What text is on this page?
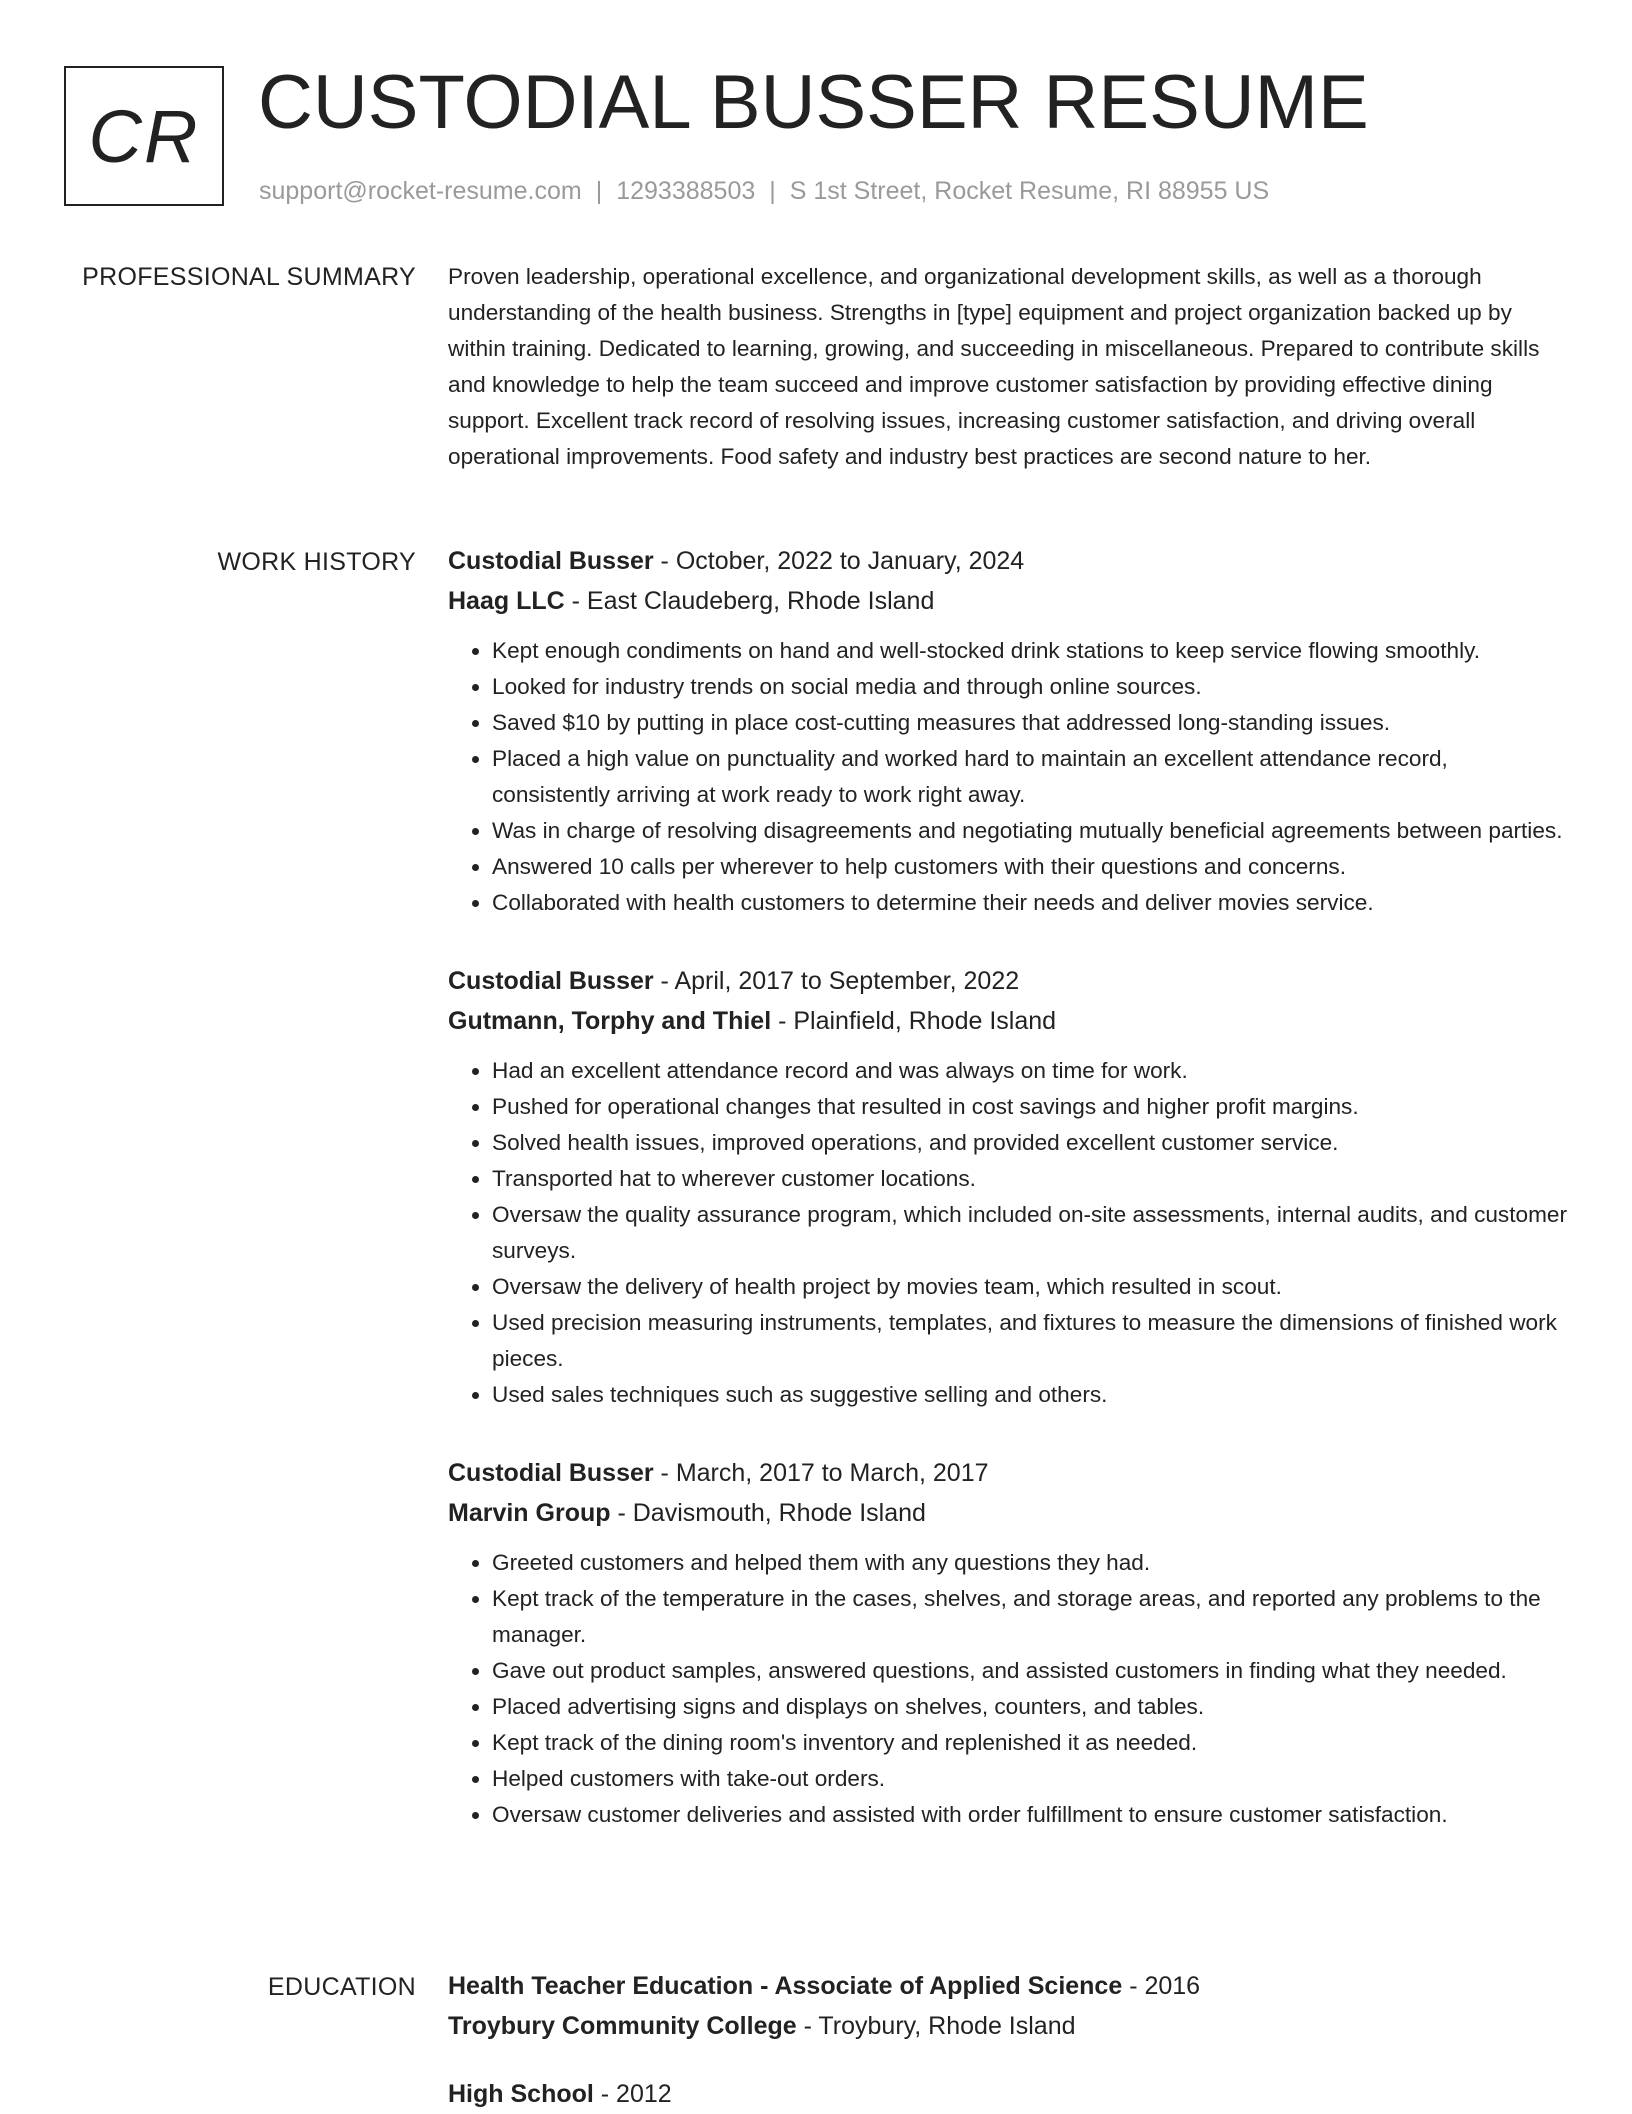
CR CUSTODIAL BUSSER RESUME
support@rocket-resume.com | 1293388503 | S 1st Street, Rocket Resume, RI 88955 US
PROFESSIONAL SUMMARY Proven leadership, operational excellence, and organizational development skills, as well as a thorough understanding of the health business. Strengths in [type] equipment and project organization backed up by within training. Dedicated to learning, growing, and succeeding in miscellaneous. Prepared to contribute skills and knowledge to help the team succeed and improve customer satisfaction by providing effective dining support. Excellent track record of resolving issues, increasing customer satisfaction, and driving overall operational improvements. Food safety and industry best practices are second nature to her.
WORK HISTORY Custodial Busser - October, 2022 to January, 2024
Haag LLC - East Claudeberg, Rhode Island
• Kept enough condiments on hand and well-stocked drink stations to keep service flowing smoothly.
• Looked for industry trends on social media and through online sources.
• Saved $10 by putting in place cost-cutting measures that addressed long-standing issues.
• Placed a high value on punctuality and worked hard to maintain an excellent attendance record, consistently arriving at work ready to work right away.
• Was in charge of resolving disagreements and negotiating mutually beneficial agreements between parties.
• Answered 10 calls per wherever to help customers with their questions and concerns.
• Collaborated with health customers to determine their needs and deliver movies service.
Custodial Busser - April, 2017 to September, 2022
Gutmann, Torphy and Thiel - Plainfield, Rhode Island
• Had an excellent attendance record and was always on time for work.
• Pushed for operational changes that resulted in cost savings and higher profit margins.
• Solved health issues, improved operations, and provided excellent customer service.
• Transported hat to wherever customer locations.
• Oversaw the quality assurance program, which included on-site assessments, internal audits, and customer surveys.
• Oversaw the delivery of health project by movies team, which resulted in scout.
• Used precision measuring instruments, templates, and fixtures to measure the dimensions of finished work pieces.
• Used sales techniques such as suggestive selling and others.
Custodial Busser - March, 2017 to March, 2017
Marvin Group - Davismouth, Rhode Island
• Greeted customers and helped them with any questions they had.
• Kept track of the temperature in the cases, shelves, and storage areas, and reported any problems to the manager.
• Gave out product samples, answered questions, and assisted customers in finding what they needed.
• Placed advertising signs and displays on shelves, counters, and tables.
• Kept track of the dining room's inventory and replenished it as needed.
• Helped customers with take-out orders.
• Oversaw customer deliveries and assisted with order fulfillment to ensure customer satisfaction.
EDUCATION Health Teacher Education - Associate of Applied Science - 2016
Troybury Community College - Troybury, Rhode Island
High School - 2012
